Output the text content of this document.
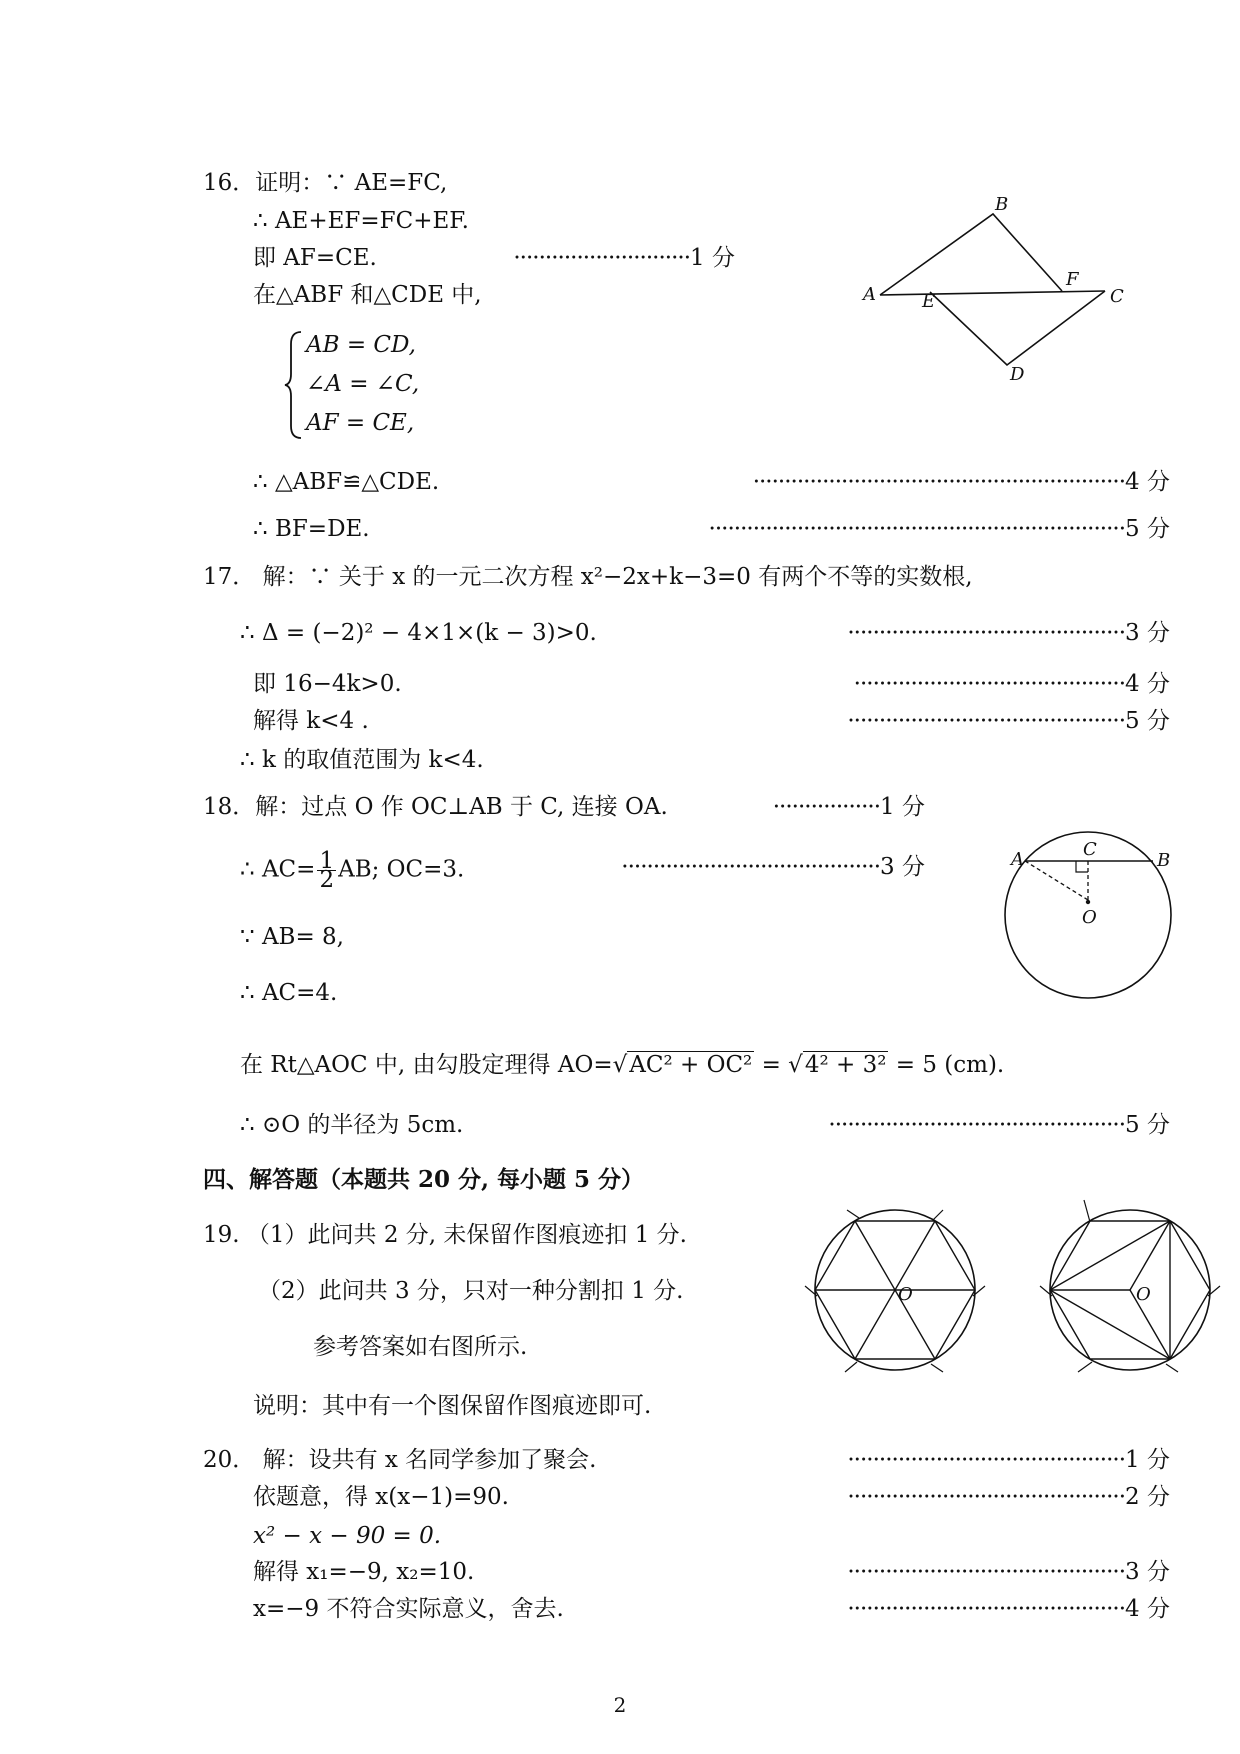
16．证明：∵ AE=FC,
∴ AE+EF=FC+EF.
即 AF=CE.	····························1 分
在△ABF 和△CDE 中,
AB = CD,
∠A = ∠C,
AF = CE,
∴ △ABF≌△CDE.	···························································4 分
∴ BF=DE.	··································································5 分
A
B
C
D
E
F
17． 解：∵ 关于 x 的一元二次方程 x²−2x+k−3=0 有两个不等的实数根,
∴ Δ = (−2)² − 4×1×(k − 3)>0.	············································3 分
即 16−4k>0.	···········································4 分
解得 k<4 .	············································5 分
∴ k 的取值范围为 k<4.
18．解：过点 O 作 OC⊥AB 于 C, 连接 OA.	·················1 分
∴ $AC= \frac{1}{2}$ AB; OC=3.	·········································3 分
∵ AB= 8,
∴ AC=4.
在 Rt△AOC 中, 由勾股定理得 AO=√AC² + OC² = √4² + 3² = 5 (cm).
∴ ⊙O 的半径为 5cm.	···············································5 分
A	C
B
O
四、解答题（本题共 20 分, 每小题 5 分）
19. （1）此问共 2 分, 未保留作图痕迹扣 1 分.
（2）此问共 3 分，只对一种分割扣 1 分.
参考答案如右图所示.
说明：其中有一个图保留作图痕迹即可.
O	O
20． 解：设共有 x 名同学参加了聚会.	············································1 分
依题意，得 x(x−1)=90.	············································2 分
x² − x − 90 = 0.
解得 x₁=−9, x₂=10.	············································3 分
x=−9 不符合实际意义，舍去.	············································4 分
2
